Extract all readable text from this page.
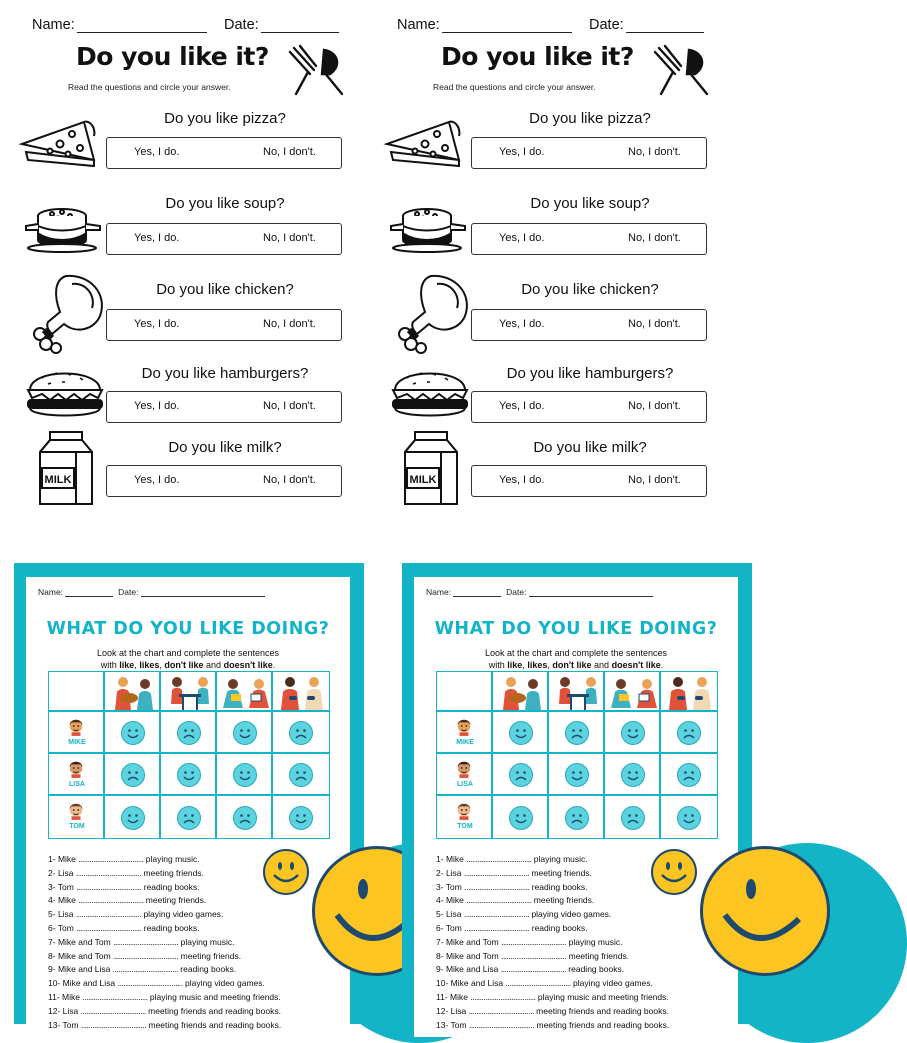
Name:	Date:
Do you like it?
Read the questions and circle your answer.
Do you like pizza?
Yes, I do.	No, I don't.
Do you like soup?
Yes, I do.	No, I don't.
Do you like chicken?
Yes, I do.	No, I don't.
Do you like hamburgers?
Yes, I do.	No, I don't.
Do you like milk?
Yes, I do.	No, I don't.
MILK
Name:	Date:
Do you like it?
Read the questions and circle your answer.
Do you like pizza?
Yes, I do.	No, I don't.
Do you like soup?
Yes, I do.	No, I don't.
Do you like chicken?
Yes, I do.	No, I don't.
Do you like hamburgers?
Yes, I do.	No, I don't.
Do you like milk?
Yes, I do.	No, I don't.
MILK
Name:	Date:
WHAT DO YOU LIKE DOING?
Look at the chart and complete the sentences
with like, likes, don't like and doesn't like.
MIKE
LISA
TOM
1- Mike ................................... playing music.
2- Lisa ................................... meeting friends.
3- Tom ................................... reading books.
4- Mike ................................... meeting friends.
5- Lisa ................................... playing video games.
6- Tom ................................... reading books.
7- Mike and Tom ................................... playing music.
8- Mike and Tom ................................... meeting friends.
9- Mike and Lisa ................................... reading books.
10- Mike and Lisa ................................... playing video games.
11- Mike ................................... playing music and meeting friends.
12- Lisa ................................... meeting friends and reading books.
13- Tom ................................... meeting friends and reading books.
Name:	Date:
WHAT DO YOU LIKE DOING?
Look at the chart and complete the sentences
with like, likes, don't like and doesn't like.
MIKE
LISA
TOM
1- Mike ................................... playing music.
2- Lisa ................................... meeting friends.
3- Tom ................................... reading books.
4- Mike ................................... meeting friends.
5- Lisa ................................... playing video games.
6- Tom ................................... reading books.
7- Mike and Tom ................................... playing music.
8- Mike and Tom ................................... meeting friends.
9- Mike and Lisa ................................... reading books.
10- Mike and Lisa ................................... playing video games.
11- Mike ................................... playing music and meeting friends.
12- Lisa ................................... meeting friends and reading books.
13- Tom ................................... meeting friends and reading books.
